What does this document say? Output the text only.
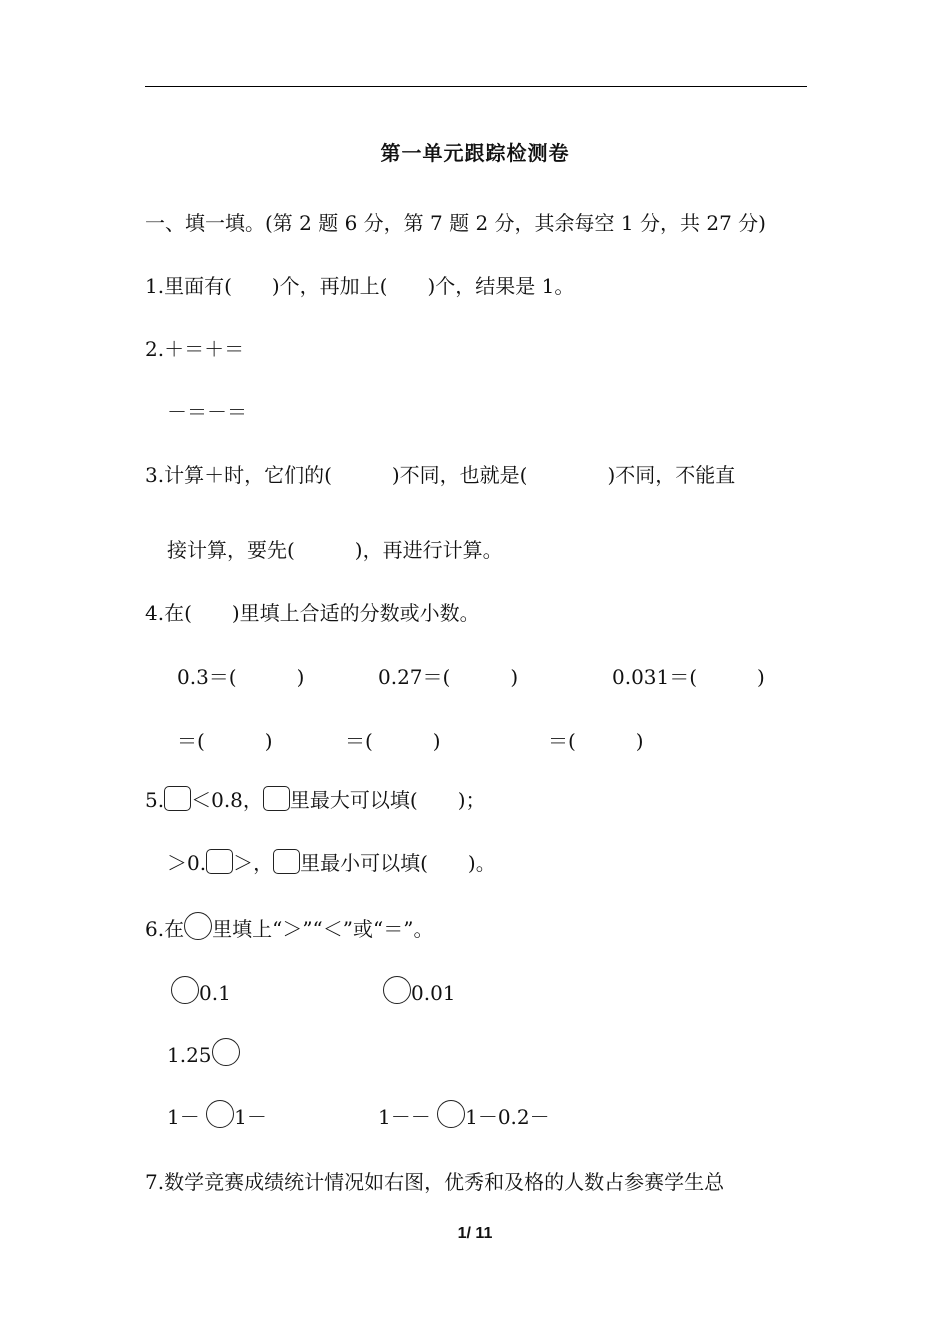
第一单元跟踪检测卷
一、填一填。(第 2 题 6 分，第 7 题 2 分，其余每空 1 分，共 27 分)
1.里面有(　　)个，再加上(　　)个，结果是 1。
2.＋＝＋＝
－＝－＝
3.计算＋时，它们的(　　　)不同，也就是(　　　　)不同，不能直
接计算，要先(　　　)，再进行计算。
4.在(　　)里填上合适的分数或小数。
0.3＝(　　　)	0.27＝(　　　)	0.031＝(　　　)
＝(　　　)	＝(　　　)	＝(　　　)
5. ＜0.8， 里最大可以填(　　)；
＞0. ＞， 里最小可以填(　　)。
6.在 里填上“＞”“＜”或“＝”。
0.1	0.01
1.25
1－ 1－	1－－ 1－0.2－
7.数学竞赛成绩统计情况如右图，优秀和及格的人数占参赛学生总
1/ 11
